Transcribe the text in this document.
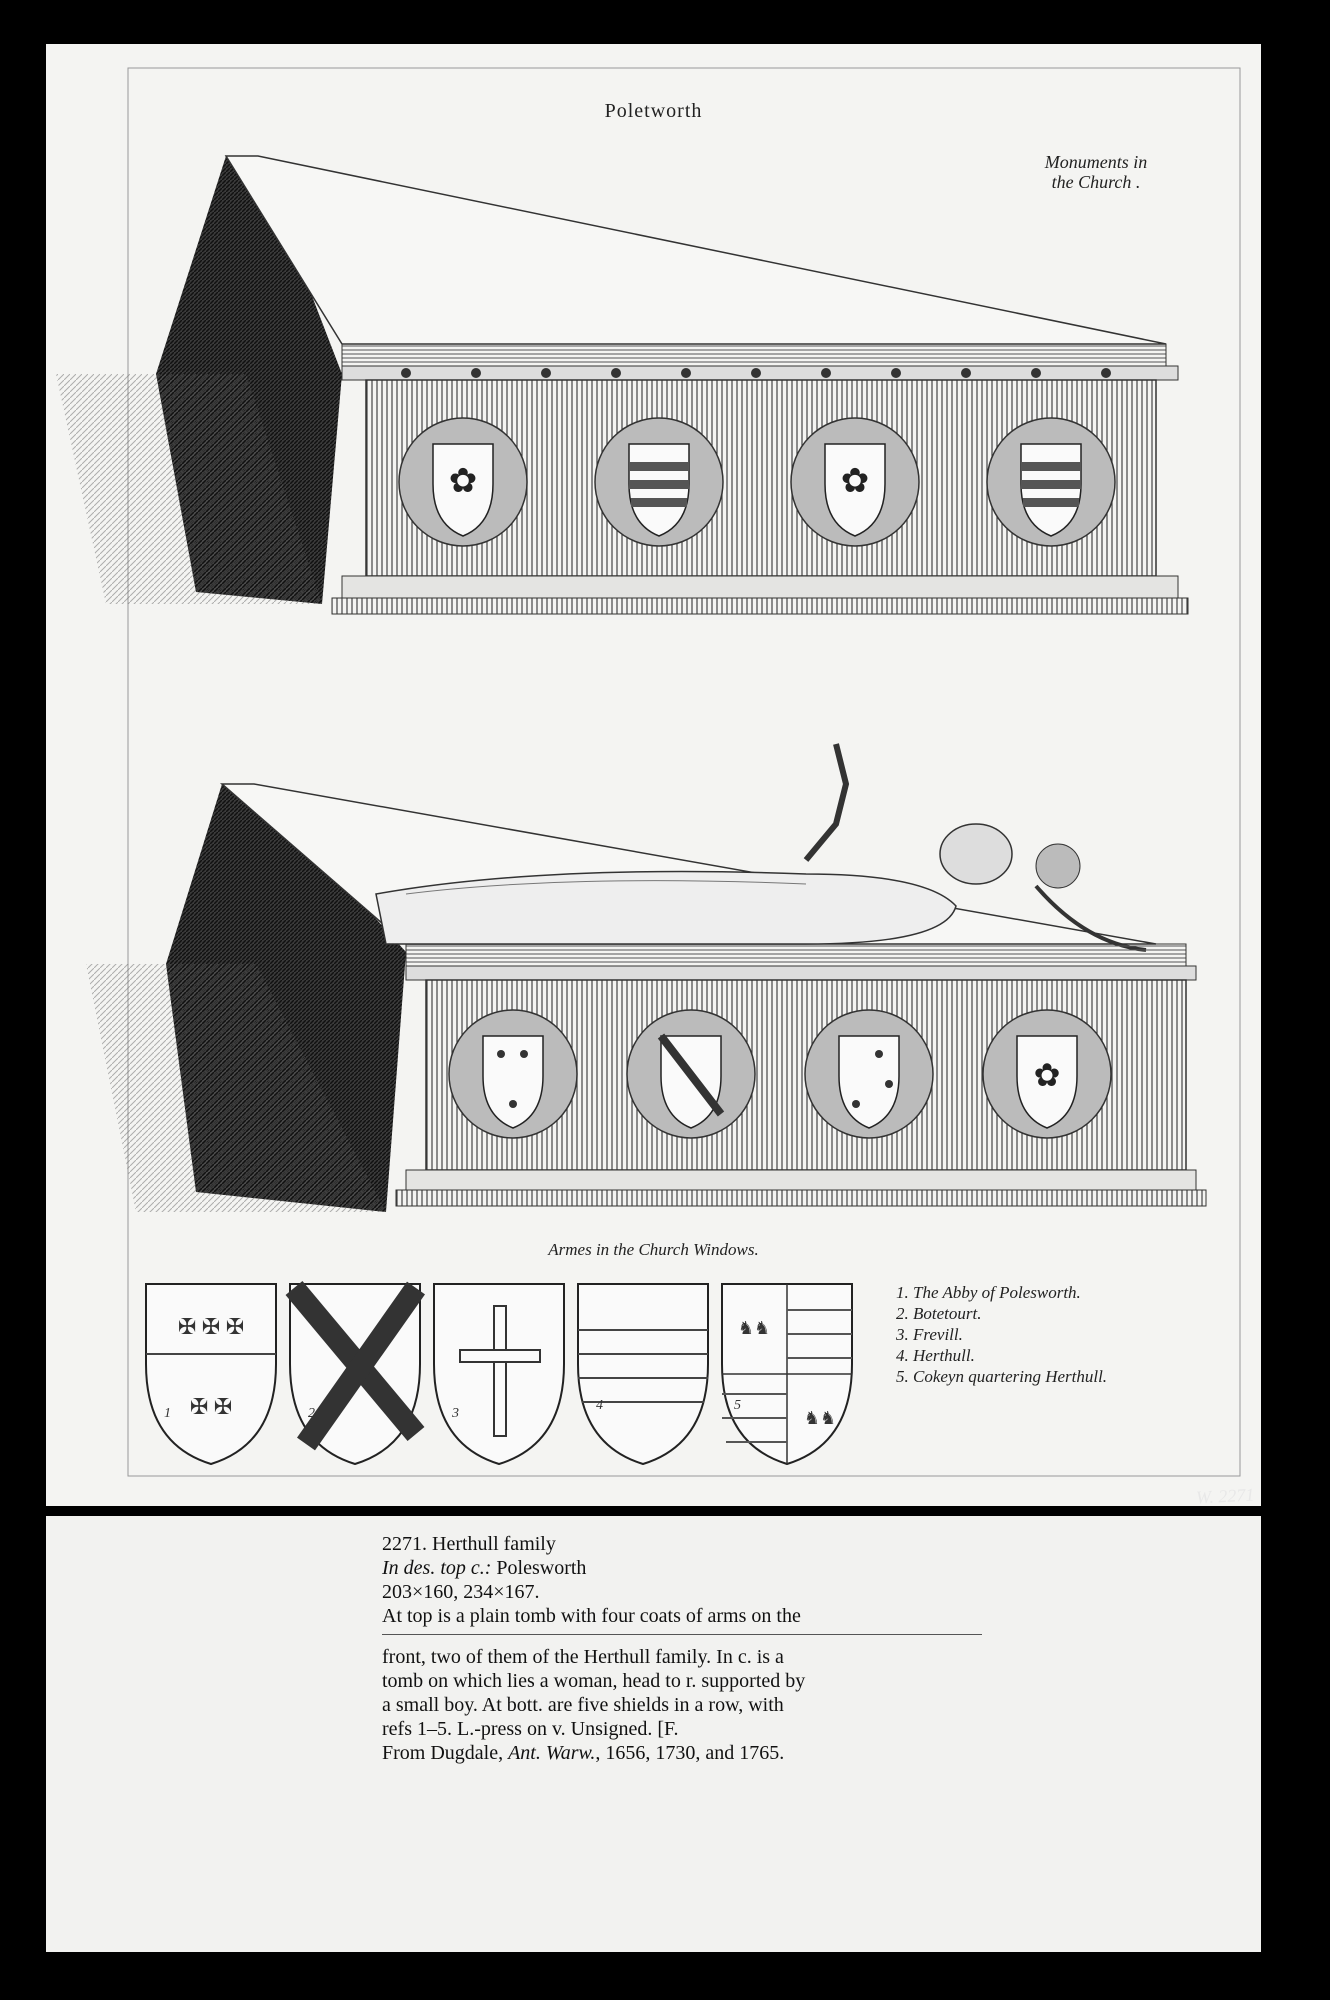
✿	✿
✿
✠ ✠ ✠
✠ ✠
♞♞
♞♞
Poletworth
Monuments in
the Church .
Armes in the Church Windows.
1	2	3
4	5
1. The Abby of Polesworth.
2. Botetourt.
3. Frevill.
4. Herthull.
5. Cokeyn quartering Herthull.
W. 2271
2271. Herthull family
In des. top c.: Polesworth
203×160, 234×167.
At top is a plain tomb with four coats of arms on the
front, two of them of the Herthull family. In c. is a
tomb on which lies a woman, head to r. supported by
a small boy. At bott. are five shields in a row, with
refs 1–5. L.-press on v. Unsigned. [F.
From Dugdale, Ant. Warw., 1656, 1730, and 1765.
